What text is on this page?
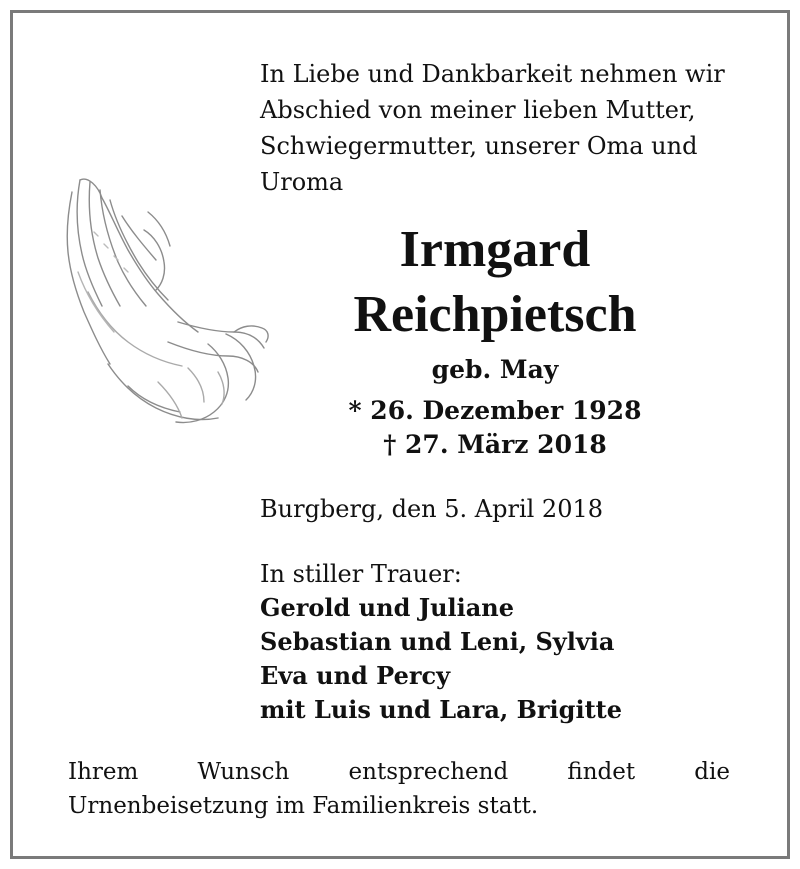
In Liebe und Dankbarkeit nehmen wir
Abschied von meiner lieben Mutter,
Schwiegermutter, unserer Oma und
Uroma
Irmgard
Reichpietsch
geb. May
* 26. Dezember 1928
† 27. März 2018
Burgberg, den 5. April 2018
In stiller Trauer:
Gerold und Juliane
Sebastian und Leni, Sylvia
Eva und Percy
mit Luis und Lara, Brigitte
Ihrem Wunsch entsprechend findet die Urnenbeisetzung im Familienkreis statt.
